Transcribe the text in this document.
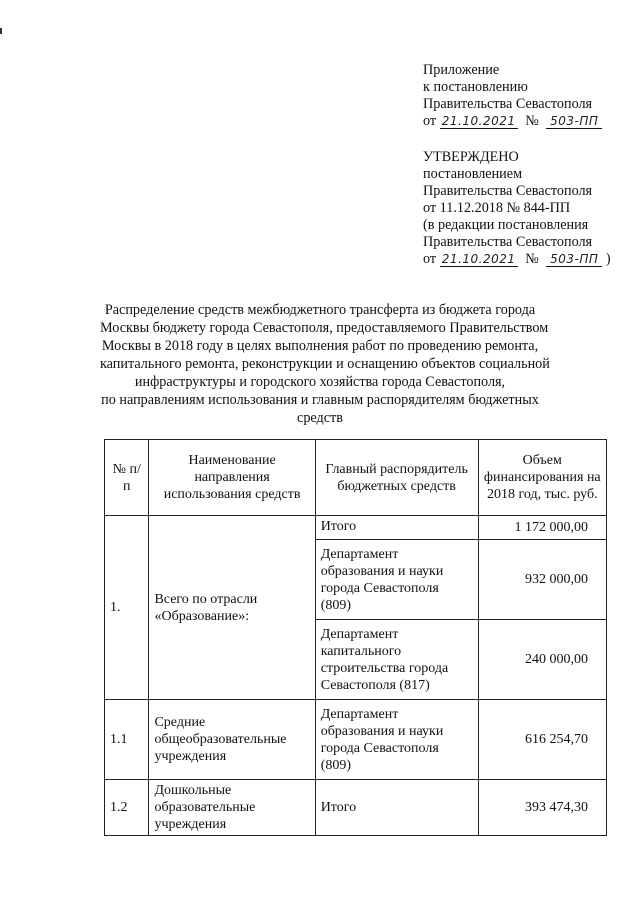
Приложение
к постановлению
Правительства Севастополя
от 21.10.2021 № 503-ПП
УТВЕРЖДЕНО
постановлением
Правительства Севастополя
от 11.12.2018 № 844-ПП
(в редакции постановления
Правительства Севастополя
от 21.10.2021 № 503-ПП )
Распределение средств межбюджетного трансферта из бюджета города
Москвы бюджету города Севастополя, предоставляемого Правительством
Москвы в 2018 году в целях выполнения работ по проведению ремонта,
капитального ремонта, реконструкции и оснащению объектов социальной
инфраструктуры и городского хозяйства города Севастополя,
по направлениям использования и главным распорядителям бюджетных
средств
№ п/п	Наименование направления использования средств	Главный распорядитель бюджетных средств	Объем финансирования на 2018 год, тыс. руб.
1.	Всего по отрасли «Образование»:	Итого	1 172 000,00
		Департамент образования и науки города Севастополя (809)	932 000,00
		Департамент капитального строительства города Севастополя (817)	240 000,00
1.1	Средние общеобразовательные учреждения	Департамент образования и науки города Севастополя (809)	616 254,70
1.2	Дошкольные образовательные учреждения	Итого	393 474,30
